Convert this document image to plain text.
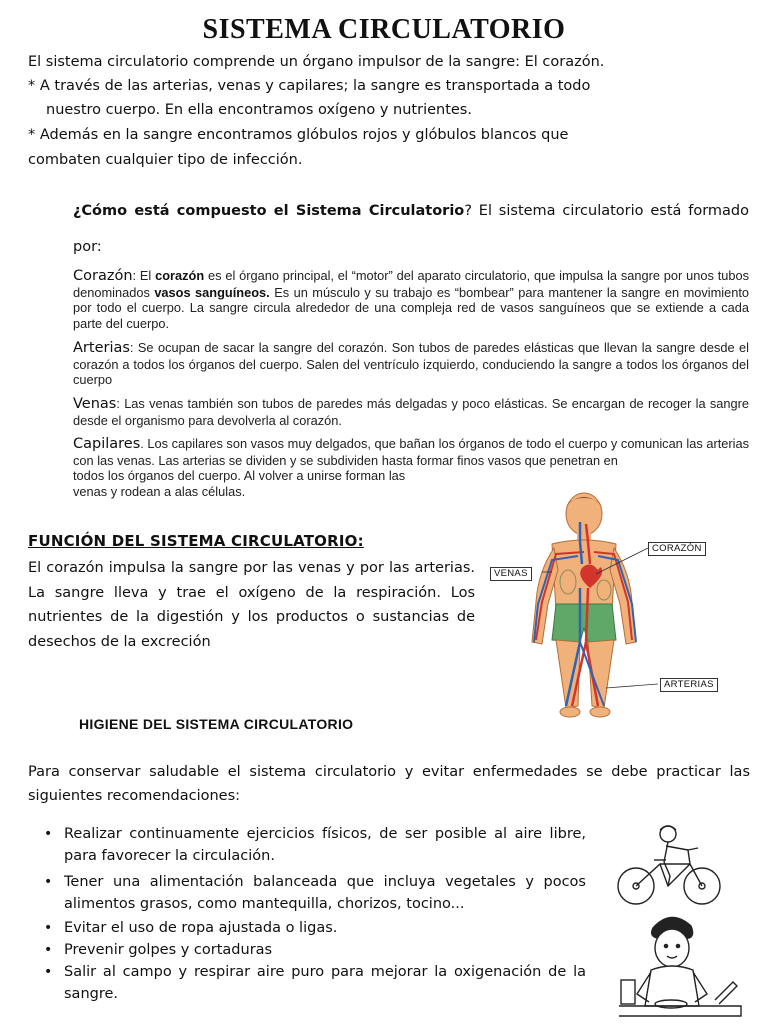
SISTEMA CIRCULATORIO

El sistema circulatorio comprende un órgano impulsor de la sangre: El corazón.

* A través de las arterias, venas y capilares; la sangre es transportada a todo

nuestro cuerpo. En ella encontramos oxígeno y nutrientes.

* Además en la sangre encontramos glóbulos rojos y glóbulos blancos que

combaten cualquier tipo de infección.

¿Cómo está compuesto el Sistema Circulatorio? El sistema circulatorio está formado por:
Corazón: El corazón es el órgano principal, el “motor” del aparato circulatorio, que impulsa la sangre por unos tubos denominados vasos sanguíneos. Es un músculo y su trabajo es “bombear” para mantener la sangre en movimiento por todo el cuerpo. La sangre circula alrededor de una compleja red de vasos sanguíneos que se extiende a cada parte del cuerpo.
Arterias: Se ocupan de sacar la sangre del corazón. Son tubos de paredes elásticas que llevan la sangre desde el corazón a todos los órganos del cuerpo. Salen del ventrículo izquierdo, conduciendo la sangre a todos los órganos del cuerpo
Venas: Las venas también son tubos de paredes más delgadas y poco elásticas. Se encargan de recoger la sangre desde el organismo para devolverla al corazón.
Capilares. Los capilares son vasos muy delgados, que bañan los órganos de todo el cuerpo y comunican las arterias con las venas. Las arterias se dividen y se subdividen hasta formar finos vasos que penetran en
todos los órganos del cuerpo. Al volver a unirse forman las
venas y rodean a alas células.
FUNCIÓN DEL SISTEMA CIRCULATORIO:
El corazón impulsa la sangre por las venas y por las arterias. La sangre lleva y trae el oxígeno de la respiración. Los nutrientes de la digestión y los productos o sustancias de desechos de la excreción
CORAZÓN
VENAS
ARTERIAS
HIGIENE DEL SISTEMA CIRCULATORIO
Para conservar saludable el sistema circulatorio y evitar enfermedades se debe practicar las siguientes recomendaciones:
• Realizar continuamente ejercicios físicos, de ser posible al aire libre, para favorecer la circulación.
• Tener una alimentación balanceada que incluya vegetales y pocos alimentos grasos, como mantequilla, chorizos, tocino...
• Evitar el uso de ropa ajustada o ligas.
• Prevenir golpes y cortaduras
• Salir al campo y respirar aire puro para mejorar la oxigenación de la sangre.
